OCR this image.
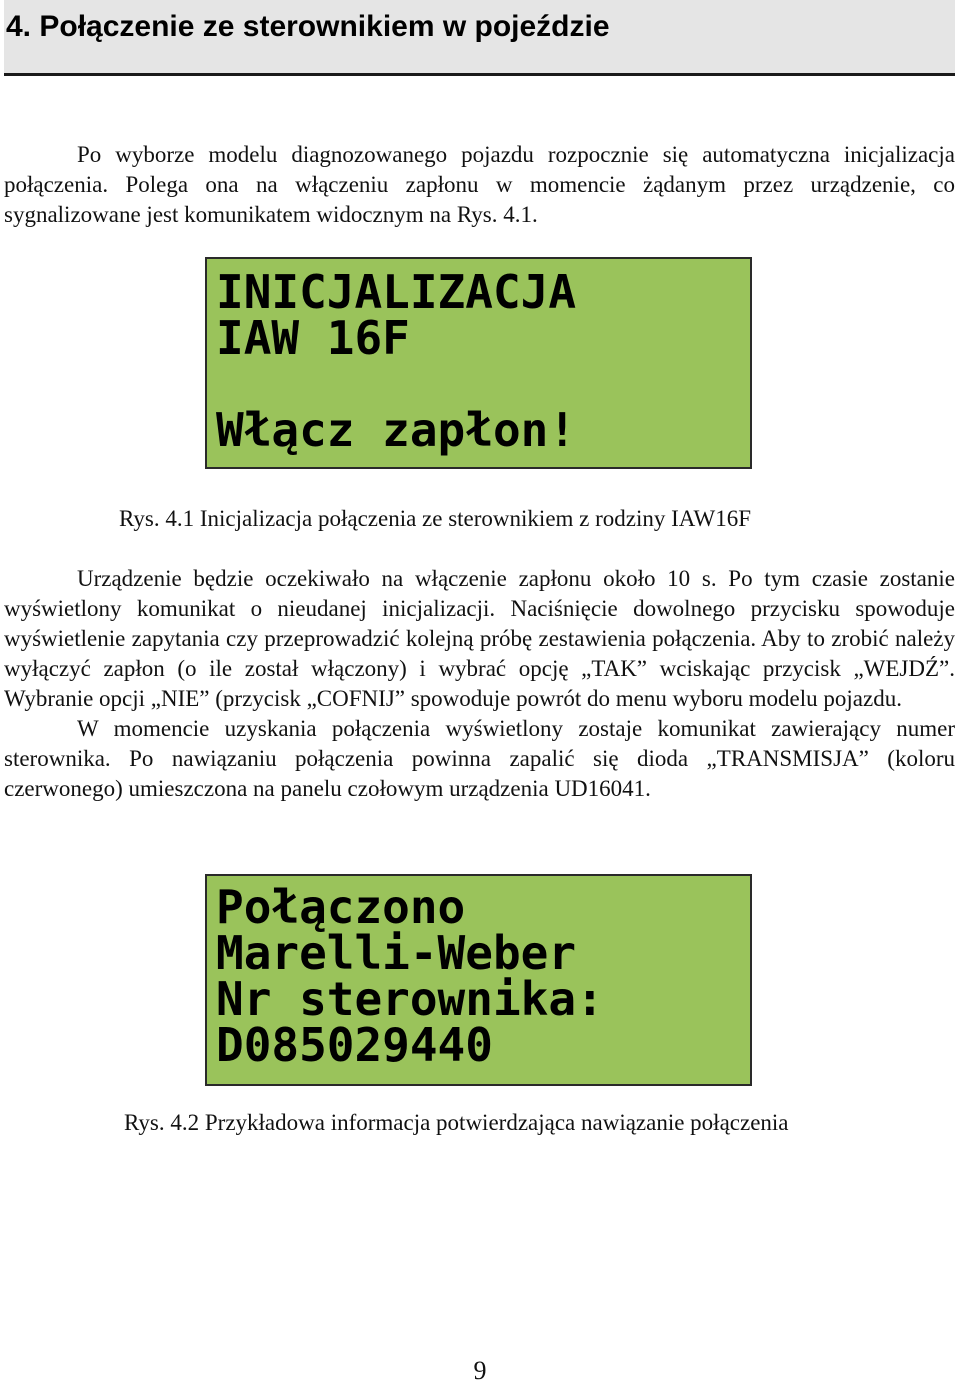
4. Połączenie ze sterownikiem w pojeździe

Po wyborze modelu diagnozowanego pojazdu rozpocznie się automatyczna inicjalizacja połączenia. Polega ona na włączeniu zapłonu w momencie żądanym przez urządzenie, co sygnalizowane jest komunikatem widocznym na Rys. 4.1.

INICJALIZACJA
IAW 16F
Włącz zapłon!

Rys. 4.1 Inicjalizacja połączenia ze sterownikiem z rodziny IAW16F

Urządzenie będzie oczekiwało na włączenie zapłonu około 10 s. Po tym czasie zostanie wyświetlony komunikat o nieudanej inicjalizacji. Naciśnięcie dowolnego przycisku spowoduje wyświetlenie zapytania czy przeprowadzić kolejną próbę zestawienia połączenia. Aby to zrobić należy wyłączyć zapłon (o ile został włączony) i wybrać opcję „TAK” wciskając przycisk „WEJDŹ”. Wybranie opcji „NIE” (przycisk „COFNIJ” spowoduje powrót do menu wyboru modelu pojazdu.

W momencie uzyskania połączenia wyświetlony zostaje komunikat zawierający numer sterownika. Po nawiązaniu połączenia powinna zapalić się dioda „TRANSMISJA” (koloru czerwonego) umieszczona na panelu czołowym urządzenia UD16041.

Połączono
Marelli-Weber
Nr sterownika:
D085029440

Rys. 4.2 Przykładowa informacja potwierdzająca nawiązanie połączenia

9
